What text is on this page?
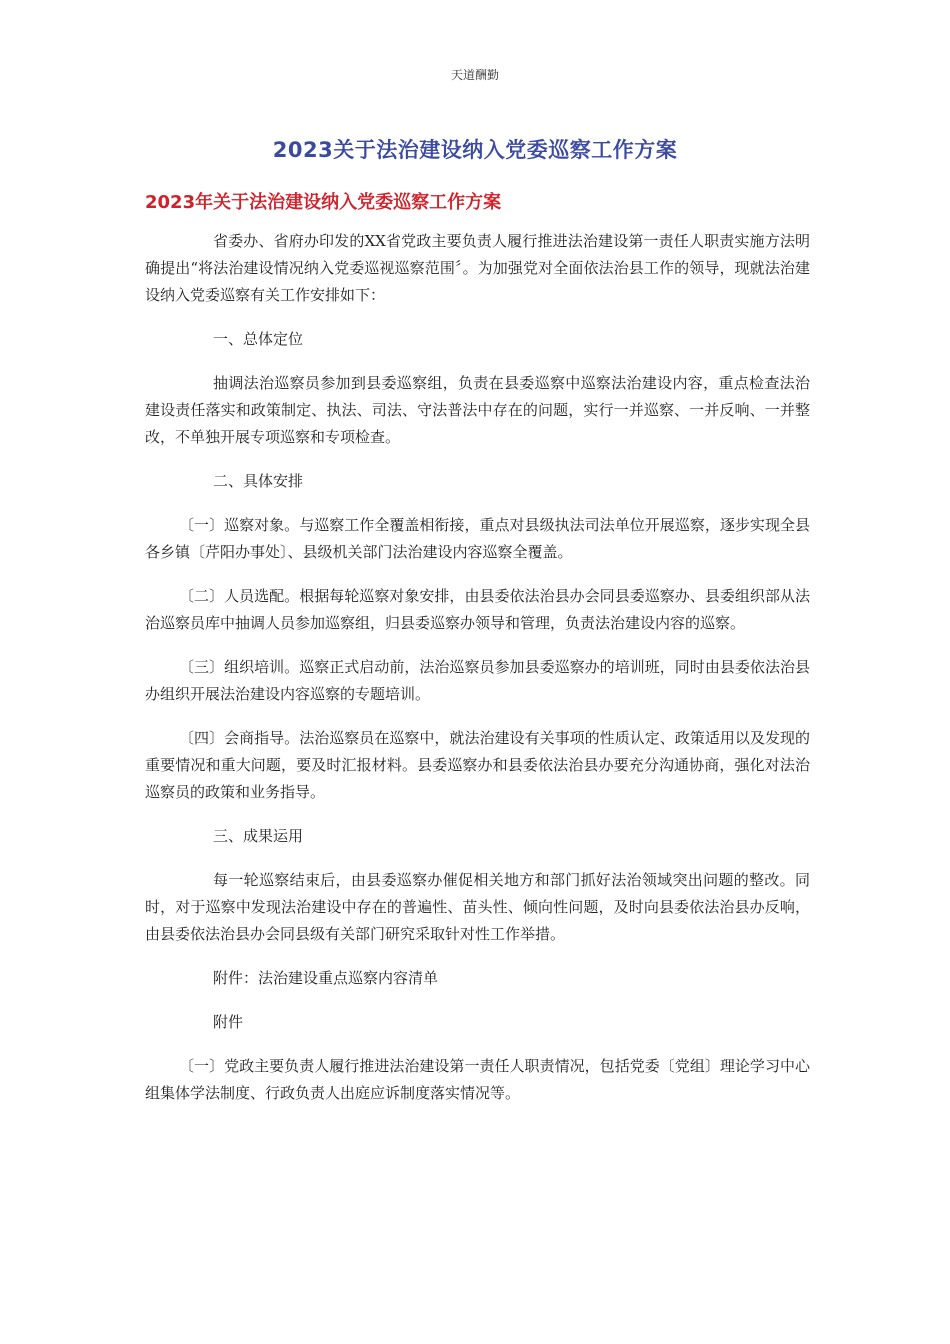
天道酬勤
2023关于法治建设纳入党委巡察工作方案
2023年关于法治建设纳入党委巡察工作方案

省委办、省府办印发的XX省党政主要负责人履行推进法治建设第一责任人职责实施方法明确提出“将法治建设情况纳入党委巡视巡察范围〞。为加强党对全面依法治县工作的领导，现就法治建设纳入党委巡察有关工作安排如下：

一、总体定位

抽调法治巡察员参加到县委巡察组，负责在县委巡察中巡察法治建设内容，重点检查法治建设责任落实和政策制定、执法、司法、守法普法中存在的问题，实行一并巡察、一并反响、一并整改，不单独开展专项巡察和专项检查。

二、具体安排

〔一〕巡察对象。与巡察工作全覆盖相衔接，重点对县级执法司法单位开展巡察，逐步实现全县各乡镇〔芹阳办事处〕、县级机关部门法治建设内容巡察全覆盖。

〔二〕人员选配。根据每轮巡察对象安排，由县委依法治县办会同县委巡察办、县委组织部从法治巡察员库中抽调人员参加巡察组，归县委巡察办领导和管理，负责法治建设内容的巡察。

〔三〕组织培训。巡察正式启动前，法治巡察员参加县委巡察办的培训班，同时由县委依法治县办组织开展法治建设内容巡察的专题培训。

〔四〕会商指导。法治巡察员在巡察中，就法治建设有关事项的性质认定、政策适用以及发现的重要情况和重大问题，要及时汇报材料。县委巡察办和县委依法治县办要充分沟通协商，强化对法治巡察员的政策和业务指导。

三、成果运用

每一轮巡察结束后，由县委巡察办催促相关地方和部门抓好法治领域突出问题的整改。同时，对于巡察中发现法治建设中存在的普遍性、苗头性、倾向性问题，及时向县委依法治县办反响，由县委依法治县办会同县级有关部门研究采取针对性工作举措。

附件：法治建设重点巡察内容清单

附件

〔一〕党政主要负责人履行推进法治建设第一责任人职责情况，包括党委〔党组〕理论学习中心组集体学法制度、行政负责人出庭应诉制度落实情况等。
